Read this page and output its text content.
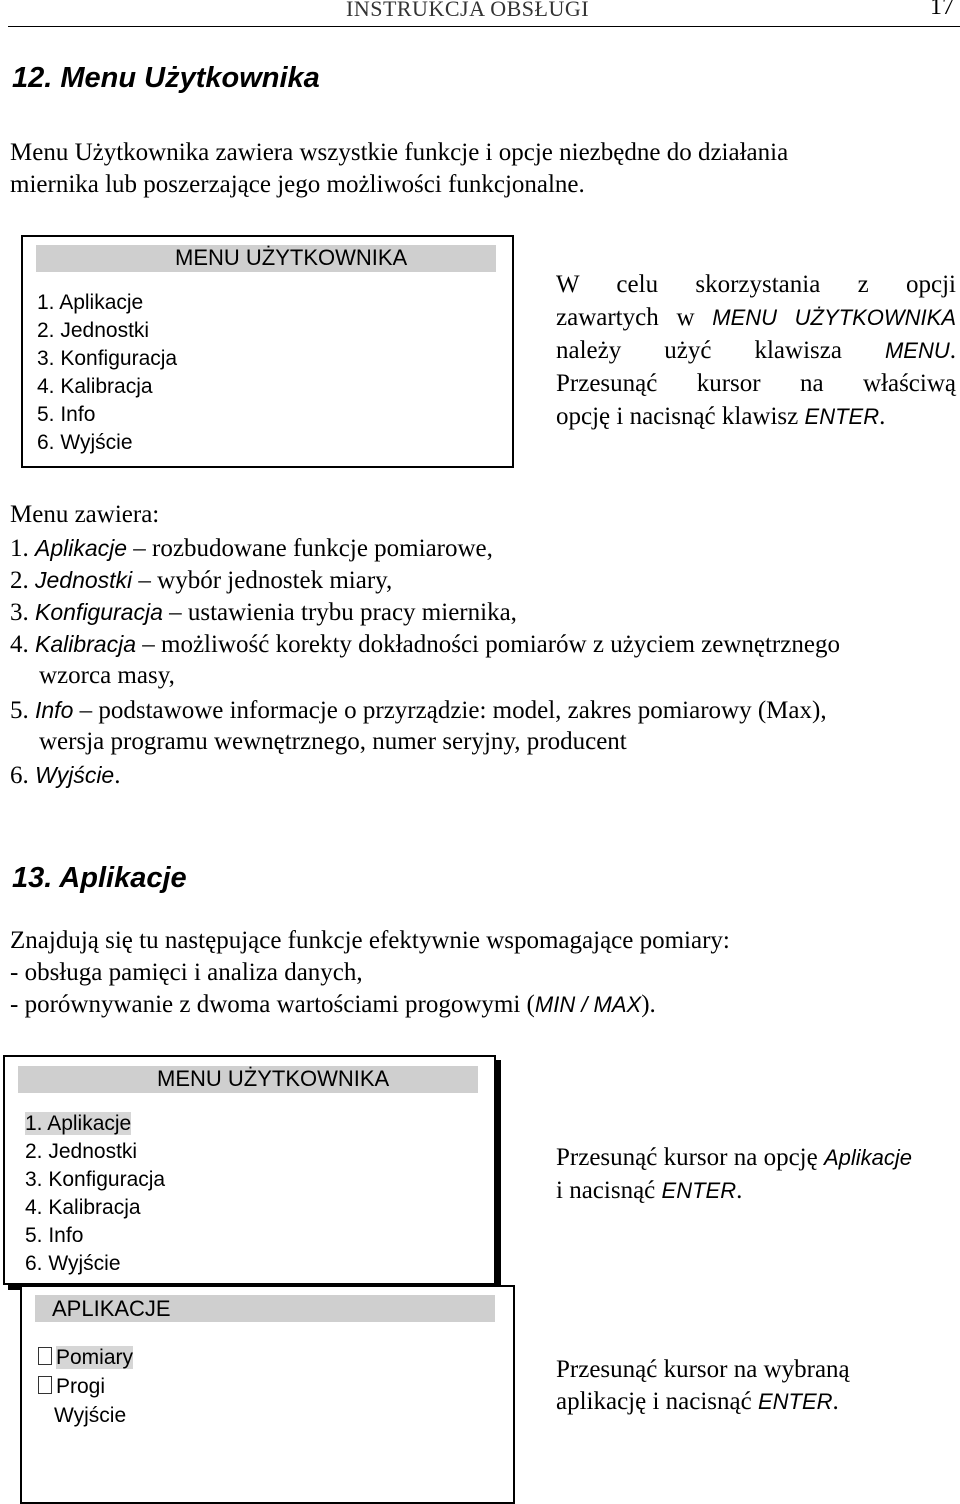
INSTRUKCJA OBSŁUGI	17
12. Menu Użytkownika
Menu Użytkownika zawiera wszystkie funkcje i opcje niezbędne do działania
miernika lub poszerzające jego możliwości funkcjonalne.
MENU UŻYTKOWNIKA
1. Aplikacje
2. Jednostki
3. Konfiguracja
4. Kalibracja
5. Info
6. Wyjście
W celu skorzystania z opcji
zawartych w MENU UŻYTKOWNIKA
należy użyć klawisza MENU.
Przesunąć kursor na właściwą
opcję i nacisnąć klawisz ENTER.
Menu zawiera:
1. Aplikacje – rozbudowane funkcje pomiarowe,
2. Jednostki – wybór jednostek miary,
3. Konfiguracja – ustawienia trybu pracy miernika,
4. Kalibracja – możliwość korekty dokładności pomiarów z użyciem zewnętrznego
wzorca masy,
5. Info – podstawowe informacje o przyrządzie: model, zakres pomiarowy (Max),
wersja programu wewnętrznego, numer seryjny, producent
6. Wyjście.
13. Aplikacje
Znajdują się tu następujące funkcje efektywnie wspomagające pomiary:
- obsługa pamięci i analiza danych,
- porównywanie z dwoma wartościami progowymi (MIN / MAX).
MENU UŻYTKOWNIKA
1. Aplikacje
2. Jednostki
3. Konfiguracja
4. Kalibracja
5. Info
6. Wyjście
Przesunąć kursor na opcję Aplikacje
i nacisnąć ENTER.
APLIKACJE
Pomiary
Progi
Wyjście
Przesunąć kursor na wybraną
aplikację i nacisnąć ENTER.
